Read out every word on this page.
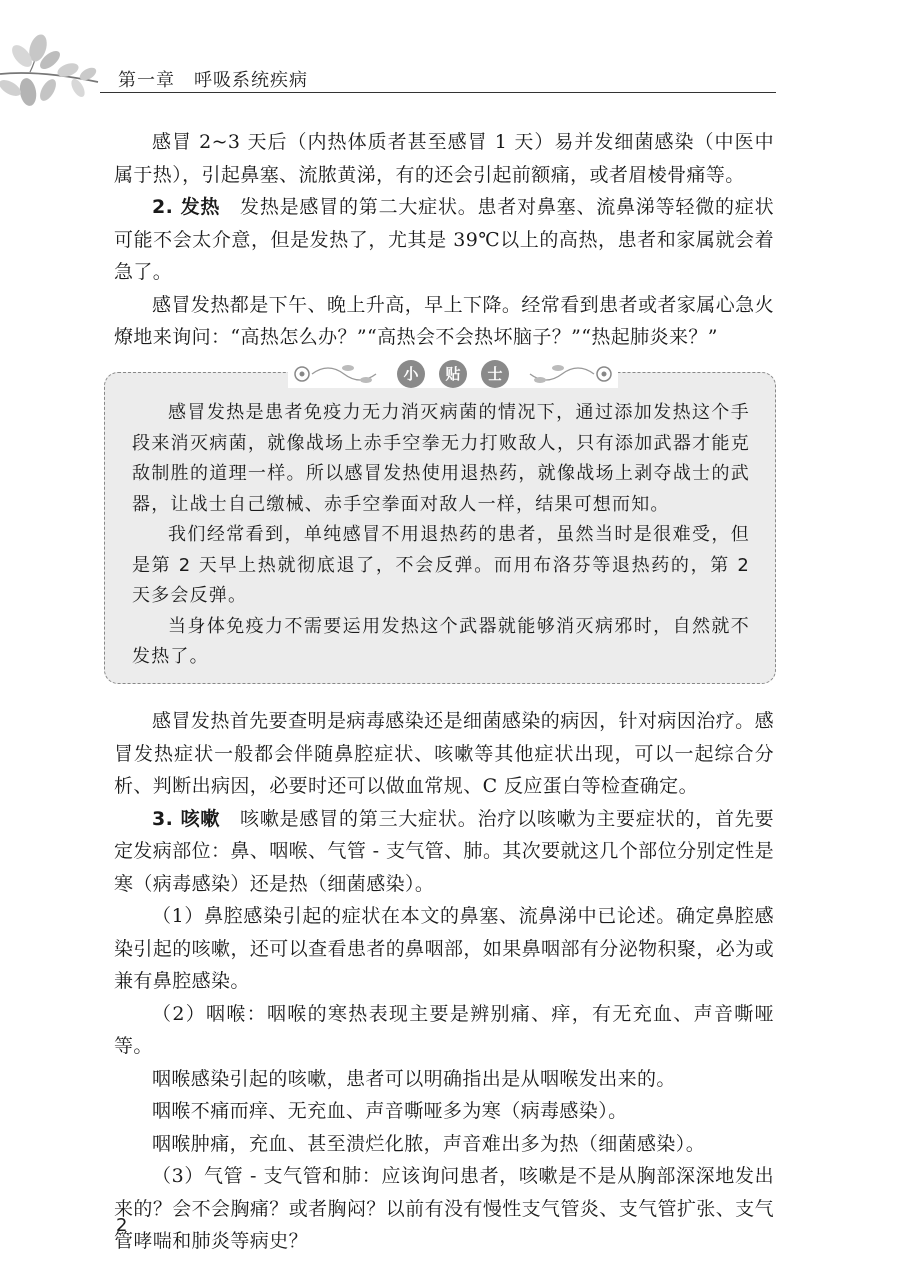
第一章　呼吸系统疾病

感冒 2~3 天后（内热体质者甚至感冒 1 天）易并发细菌感染（中医中属于热），引起鼻塞、流脓黄涕，有的还会引起前额痛，或者眉棱骨痛等。

2. 发热　发热是感冒的第二大症状。患者对鼻塞、流鼻涕等轻微的症状可能不会太介意，但是发热了，尤其是 39℃以上的高热，患者和家属就会着急了。

感冒发热都是下午、晚上升高，早上下降。经常看到患者或者家属心急火燎地来询问：“高热怎么办？”“高热会不会热坏脑子？”“热起肺炎来？”

小 贴 士

感冒发热是患者免疫力无力消灭病菌的情况下，通过添加发热这个手段来消灭病菌，就像战场上赤手空拳无力打败敌人，只有添加武器才能克敌制胜的道理一样。所以感冒发热使用退热药，就像战场上剥夺战士的武器，让战士自己缴械、赤手空拳面对敌人一样，结果可想而知。

我们经常看到，单纯感冒不用退热药的患者，虽然当时是很难受，但是第 2 天早上热就彻底退了，不会反弹。而用布洛芬等退热药的，第 2 天多会反弹。

当身体免疫力不需要运用发热这个武器就能够消灭病邪时，自然就不发热了。

感冒发热首先要查明是病毒感染还是细菌感染的病因，针对病因治疗。感冒发热症状一般都会伴随鼻腔症状、咳嗽等其他症状出现，可以一起综合分析、判断出病因，必要时还可以做血常规、C 反应蛋白等检查确定。

3. 咳嗽　咳嗽是感冒的第三大症状。治疗以咳嗽为主要症状的，首先要定发病部位：鼻、咽喉、气管 - 支气管、肺。其次要就这几个部位分别定性是寒（病毒感染）还是热（细菌感染）。

（1）鼻腔感染引起的症状在本文的鼻塞、流鼻涕中已论述。确定鼻腔感染引起的咳嗽，还可以查看患者的鼻咽部，如果鼻咽部有分泌物积聚，必为或兼有鼻腔感染。

（2）咽喉：咽喉的寒热表现主要是辨别痛、痒，有无充血、声音嘶哑等。

咽喉感染引起的咳嗽，患者可以明确指出是从咽喉发出来的。

咽喉不痛而痒、无充血、声音嘶哑多为寒（病毒感染）。

咽喉肿痛，充血、甚至溃烂化脓，声音难出多为热（细菌感染）。

（3）气管 - 支气管和肺：应该询问患者，咳嗽是不是从胸部深深地发出来的？会不会胸痛？或者胸闷？以前有没有慢性支气管炎、支气管扩张、支气管哮喘和肺炎等病史？

2
